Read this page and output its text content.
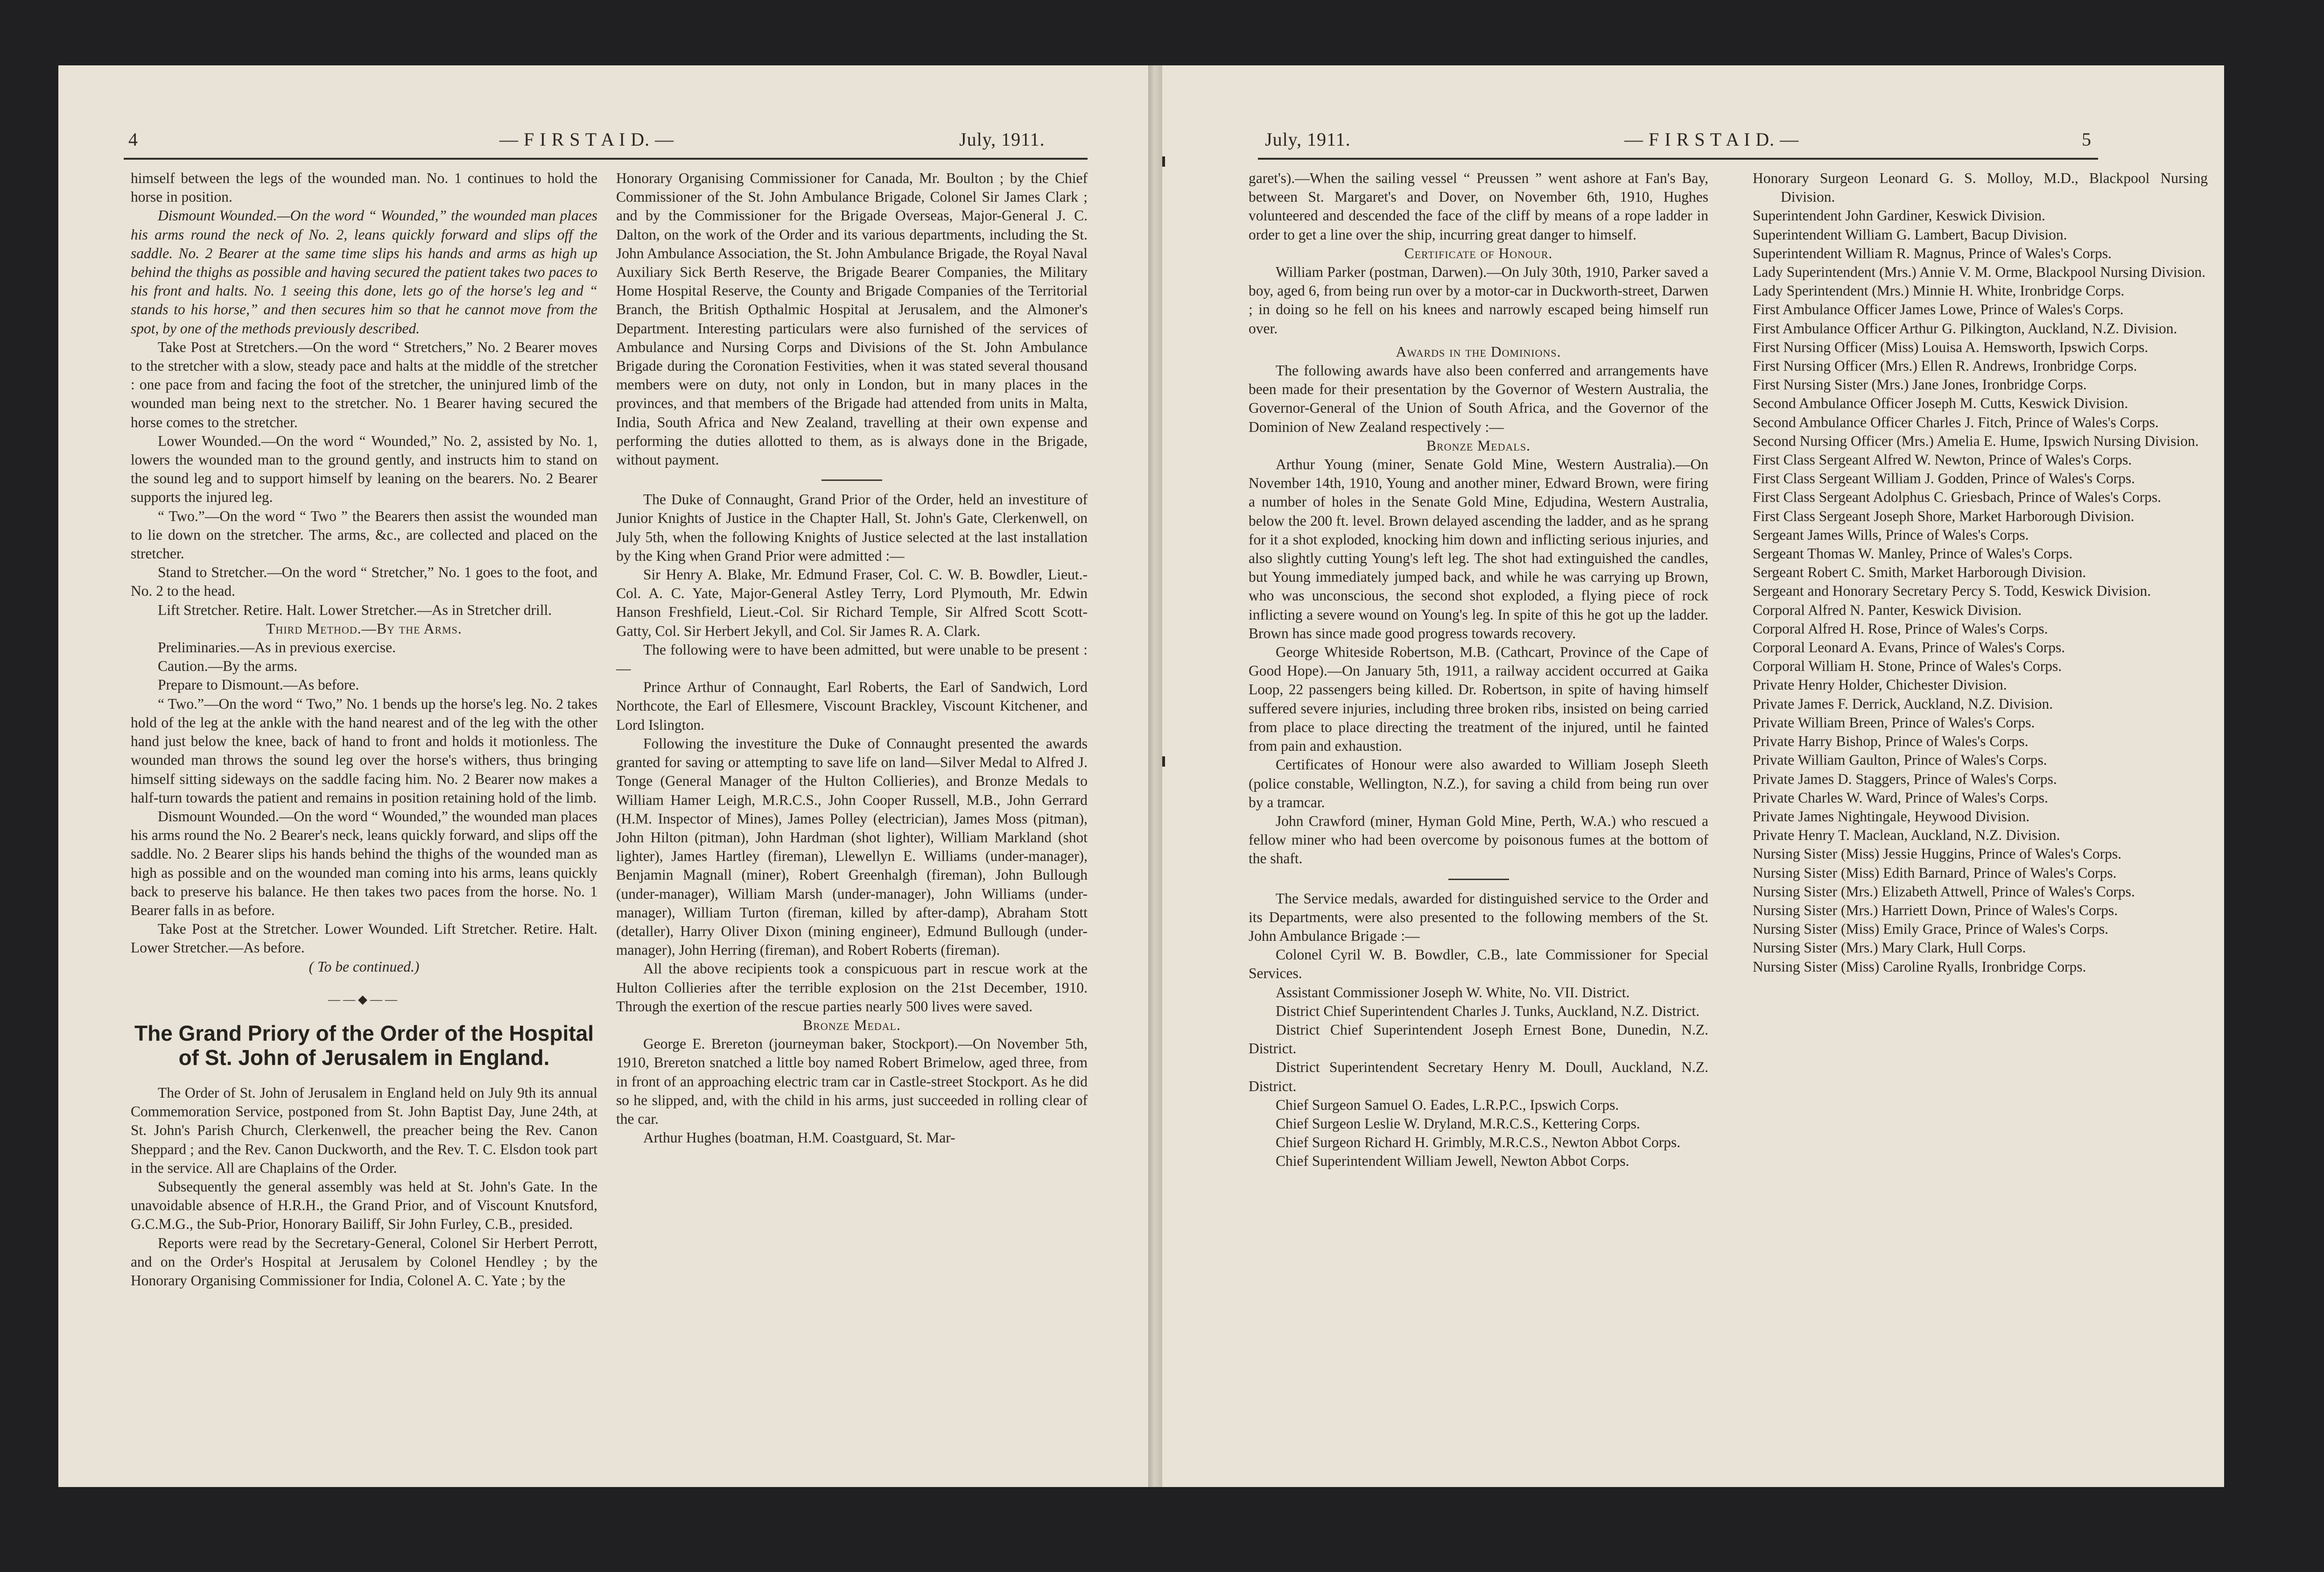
4	— F I R S T A I D. —	July, 1911.

himself between the legs of the wounded man. No. 1 continues to hold the horse in position.

Dismount Wounded.—On the word “ Wounded,” the wounded man places his arms round the neck of No. 2, leans quickly forward and slips off the saddle. No. 2 Bearer at the same time slips his hands and arms as high up behind the thighs as possible and having secured the patient takes two paces to his front and halts. No. 1 seeing this done, lets go of the horse's leg and “ stands to his horse,” and then secures him so that he cannot move from the spot, by one of the methods previously described.

Take Post at Stretchers.—On the word “ Stretchers,” No. 2 Bearer moves to the stretcher with a slow, steady pace and halts at the middle of the stretcher : one pace from and facing the foot of the stretcher, the uninjured limb of the wounded man being next to the stretcher. No. 1 Bearer having secured the horse comes to the stretcher.

Lower Wounded.—On the word “ Wounded,” No. 2, assisted by No. 1, lowers the wounded man to the ground gently, and instructs him to stand on the sound leg and to support himself by leaning on the bearers. No. 2 Bearer supports the injured leg.

“ Two.”—On the word “ Two ” the Bearers then assist the wounded man to lie down on the stretcher. The arms, &c., are collected and placed on the stretcher.

Stand to Stretcher.—On the word “ Stretcher,” No. 1 goes to the foot, and No. 2 to the head.

Lift Stretcher. Retire. Halt. Lower Stretcher.—As in Stretcher drill.

Third Method.—By the Arms.

Preliminaries.—As in previous exercise.

Caution.—By the arms.

Prepare to Dismount.—As before.

“ Two.”—On the word “ Two,” No. 1 bends up the horse's leg. No. 2 takes hold of the leg at the ankle with the hand nearest and of the leg with the other hand just below the knee, back of hand to front and holds it motionless. The wounded man throws the sound leg over the horse's withers, thus bringing himself sitting sideways on the saddle facing him. No. 2 Bearer now makes a half-turn towards the patient and remains in position retaining hold of the limb.

Dismount Wounded.—On the word “ Wounded,” the wounded man places his arms round the No. 2 Bearer's neck, leans quickly forward, and slips off the saddle. No. 2 Bearer slips his hands behind the thighs of the wounded man as high as possible and on the wounded man coming into his arms, leans quickly back to preserve his balance. He then takes two paces from the horse. No. 1 Bearer falls in as before.

Take Post at the Stretcher. Lower Wounded. Lift Stretcher. Retire. Halt. Lower Stretcher.—As before.

( To be continued.)

——◆——
The Grand Priory of the Order of the Hospital of St. John of Jerusalem in England.

The Order of St. John of Jerusalem in England held on July 9th its annual Commemoration Service, postponed from St. John Baptist Day, June 24th, at St. John's Parish Church, Clerkenwell, the preacher being the Rev. Canon Sheppard ; and the Rev. Canon Duckworth, and the Rev. T. C. Elsdon took part in the service. All are Chaplains of the Order.

Subsequently the general assembly was held at St. John's Gate. In the unavoidable absence of H.R.H., the Grand Prior, and of Viscount Knutsford, G.C.M.G., the Sub-Prior, Honorary Bailiff, Sir John Furley, C.B., presided.

Reports were read by the Secretary-General, Colonel Sir Herbert Perrott, and on the Order's Hospital at Jerusalem by Colonel Hendley ; by the Honorary Organising Commissioner for India, Colonel A. C. Yate ; by the

Honorary Organising Commissioner for Canada, Mr. Boulton ; by the Chief Commissioner of the St. John Ambulance Brigade, Colonel Sir James Clark ; and by the Commissioner for the Brigade Overseas, Major-General J. C. Dalton, on the work of the Order and its various departments, including the St. John Ambulance Association, the St. John Ambulance Brigade, the Royal Naval Auxiliary Sick Berth Reserve, the Brigade Bearer Companies, the Military Home Hospital Reserve, the County and Brigade Companies of the Territorial Branch, the British Opthalmic Hospital at Jerusalem, and the Almoner's Department. Interesting particulars were also furnished of the services of Ambulance and Nursing Corps and Divisions of the St. John Ambulance Brigade during the Coronation Festivities, when it was stated several thousand members were on duty, not only in London, but in many places in the provinces, and that members of the Brigade had attended from units in Malta, India, South Africa and New Zealand, travelling at their own expense and performing the duties allotted to them, as is always done in the Brigade, without payment.

The Duke of Connaught, Grand Prior of the Order, held an investiture of Junior Knights of Justice in the Chapter Hall, St. John's Gate, Clerkenwell, on July 5th, when the following Knights of Justice selected at the last installation by the King when Grand Prior were admitted :—

Sir Henry A. Blake, Mr. Edmund Fraser, Col. C. W. B. Bowdler, Lieut.-Col. A. C. Yate, Major-General Astley Terry, Lord Plymouth, Mr. Edwin Hanson Freshfield, Lieut.-Col. Sir Richard Temple, Sir Alfred Scott Scott-Gatty, Col. Sir Herbert Jekyll, and Col. Sir James R. A. Clark.

The following were to have been admitted, but were unable to be present :—

Prince Arthur of Connaught, Earl Roberts, the Earl of Sandwich, Lord Northcote, the Earl of Ellesmere, Viscount Brackley, Viscount Kitchener, and Lord Islington.

Following the investiture the Duke of Connaught presented the awards granted for saving or attempting to save life on land—Silver Medal to Alfred J. Tonge (General Manager of the Hulton Collieries), and Bronze Medals to William Hamer Leigh, M.R.C.S., John Cooper Russell, M.B., John Gerrard (H.M. Inspector of Mines), James Polley (electrician), James Moss (pitman), John Hilton (pitman), John Hardman (shot lighter), William Markland (shot lighter), James Hartley (fireman), Llewellyn E. Williams (under-manager), Benjamin Magnall (miner), Robert Greenhalgh (fireman), John Bullough (under-manager), William Marsh (under-manager), John Williams (under-manager), William Turton (fireman, killed by after-damp), Abraham Stott (detaller), Harry Oliver Dixon (mining engineer), Edmund Bullough (under-manager), John Herring (fireman), and Robert Roberts (fireman).

All the above recipients took a conspicuous part in rescue work at the Hulton Collieries after the terrible explosion on the 21st December, 1910. Through the exertion of the rescue parties nearly 500 lives were saved.

Bronze Medal.

George E. Brereton (journeyman baker, Stockport).—On November 5th, 1910, Brereton snatched a little boy named Robert Brimelow, aged three, from in front of an approaching electric tram car in Castle-street Stockport. As he did so he slipped, and, with the child in his arms, just succeeded in rolling clear of the car.

Arthur Hughes (boatman, H.M. Coastguard, St. Mar-

July, 1911.	— F I R S T A I D. —	5

garet's).—When the sailing vessel “ Preussen ” went ashore at Fan's Bay, between St. Margaret's and Dover, on November 6th, 1910, Hughes volunteered and descended the face of the cliff by means of a rope ladder in order to get a line over the ship, incurring great danger to himself.

Certificate of Honour.

William Parker (postman, Darwen).—On July 30th, 1910, Parker saved a boy, aged 6, from being run over by a motor-car in Duckworth-street, Darwen ; in doing so he fell on his knees and narrowly escaped being himself run over.

Awards in the Dominions.

The following awards have also been conferred and arrangements have been made for their presentation by the Governor of Western Australia, the Governor-General of the Union of South Africa, and the Governor of the Dominion of New Zealand respectively :—

Bronze Medals.

Arthur Young (miner, Senate Gold Mine, Western Australia).—On November 14th, 1910, Young and another miner, Edward Brown, were firing a number of holes in the Senate Gold Mine, Edjudina, Western Australia, below the 200 ft. level. Brown delayed ascending the ladder, and as he sprang for it a shot exploded, knocking him down and inflicting serious injuries, and also slightly cutting Young's left leg. The shot had extinguished the candles, but Young immediately jumped back, and while he was carrying up Brown, who was unconscious, the second shot exploded, a flying piece of rock inflicting a severe wound on Young's leg. In spite of this he got up the ladder. Brown has since made good progress towards recovery.

George Whiteside Robertson, M.B. (Cathcart, Province of the Cape of Good Hope).—On January 5th, 1911, a railway accident occurred at Gaika Loop, 22 passengers being killed. Dr. Robertson, in spite of having himself suffered severe injuries, including three broken ribs, insisted on being carried from place to place directing the treatment of the injured, until he fainted from pain and exhaustion.

Certificates of Honour were also awarded to William Joseph Sleeth (police constable, Wellington, N.Z.), for saving a child from being run over by a tramcar.

John Crawford (miner, Hyman Gold Mine, Perth, W.A.) who rescued a fellow miner who had been overcome by poisonous fumes at the bottom of the shaft.

The Service medals, awarded for distinguished service to the Order and its Departments, were also presented to the following members of the St. John Ambulance Brigade :—

Colonel Cyril W. B. Bowdler, C.B., late Commissioner for Special Services.

Assistant Commissioner Joseph W. White, No. VII. District.

District Chief Superintendent Charles J. Tunks, Auckland, N.Z. District.

District Chief Superintendent Joseph Ernest Bone, Dunedin, N.Z. District.

District Superintendent Secretary Henry M. Doull, Auckland, N.Z. District.

Chief Surgeon Samuel O. Eades, L.R.P.C., Ipswich Corps.

Chief Surgeon Leslie W. Dryland, M.R.C.S., Kettering Corps.

Chief Surgeon Richard H. Grimbly, M.R.C.S., Newton Abbot Corps.

Chief Superintendent William Jewell, Newton Abbot Corps.

Honorary Surgeon Leonard G. S. Molloy, M.D., Blackpool Nursing Division.

Superintendent John Gardiner, Keswick Division.

Superintendent William G. Lambert, Bacup Division.

Superintendent William R. Magnus, Prince of Wales's Corps.

Lady Superintendent (Mrs.) Annie V. M. Orme, Blackpool Nursing Division.

Lady Sperintendent (Mrs.) Minnie H. White, Ironbridge Corps.

First Ambulance Officer James Lowe, Prince of Wales's Corps.

First Ambulance Officer Arthur G. Pilkington, Auckland, N.Z. Division.

First Nursing Officer (Miss) Louisa A. Hemsworth, Ipswich Corps.

First Nursing Officer (Mrs.) Ellen R. Andrews, Ironbridge Corps.

First Nursing Sister (Mrs.) Jane Jones, Ironbridge Corps.

Second Ambulance Officer Joseph M. Cutts, Keswick Division.

Second Ambulance Officer Charles J. Fitch, Prince of Wales's Corps.

Second Nursing Officer (Mrs.) Amelia E. Hume, Ipswich Nursing Division.

First Class Sergeant Alfred W. Newton, Prince of Wales's Corps.

First Class Sergeant William J. Godden, Prince of Wales's Corps.

First Class Sergeant Adolphus C. Griesbach, Prince of Wales's Corps.

First Class Sergeant Joseph Shore, Market Harborough Division.

Sergeant James Wills, Prince of Wales's Corps.

Sergeant Thomas W. Manley, Prince of Wales's Corps.

Sergeant Robert C. Smith, Market Harborough Division.

Sergeant and Honorary Secretary Percy S. Todd, Keswick Division.

Corporal Alfred N. Panter, Keswick Division.

Corporal Alfred H. Rose, Prince of Wales's Corps.

Corporal Leonard A. Evans, Prince of Wales's Corps.

Corporal William H. Stone, Prince of Wales's Corps.

Private Henry Holder, Chichester Division.

Private James F. Derrick, Auckland, N.Z. Division.

Private William Breen, Prince of Wales's Corps.

Private Harry Bishop, Prince of Wales's Corps.

Private William Gaulton, Prince of Wales's Corps.

Private James D. Staggers, Prince of Wales's Corps.

Private Charles W. Ward, Prince of Wales's Corps.

Private James Nightingale, Heywood Division.

Private Henry T. Maclean, Auckland, N.Z. Division.

Nursing Sister (Miss) Jessie Huggins, Prince of Wales's Corps.

Nursing Sister (Miss) Edith Barnard, Prince of Wales's Corps.

Nursing Sister (Mrs.) Elizabeth Attwell, Prince of Wales's Corps.

Nursing Sister (Mrs.) Harriett Down, Prince of Wales's Corps.

Nursing Sister (Miss) Emily Grace, Prince of Wales's Corps.

Nursing Sister (Mrs.) Mary Clark, Hull Corps.

Nursing Sister (Miss) Caroline Ryalls, Ironbridge Corps.
